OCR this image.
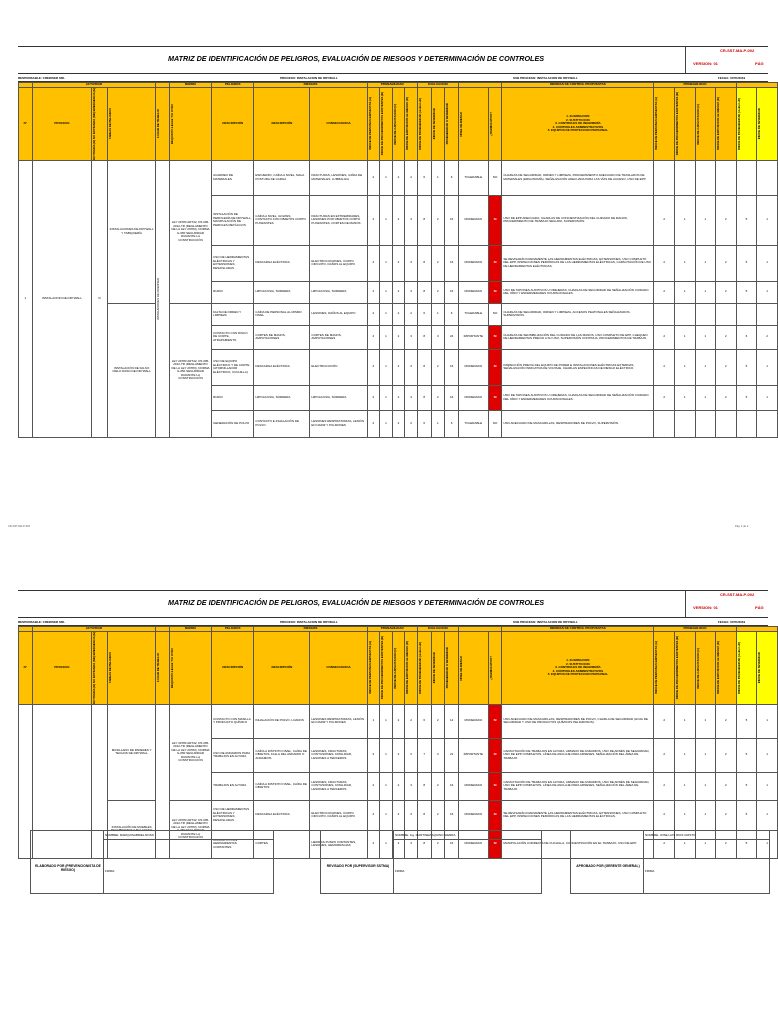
MATRIZ DE IDENTIFICACIÓN DE PELIGROS, EVALUACIÓN DE RIESGOS Y DETERMINACIÓN DE CONTROLES
CR-SST-MA-P-002
VERSION: 01	PÁG
RESPONSABLE: CREDISER SRL	PROCESO: INSTALACION DE DRYWALL	SUB PROCESO: INSTALACION DE DRYWALL	FECHA: 07/01/2019
	ACTIVIDAD				NORMA	PELIGROS	RIESGOS		PROBABILIDAD				EVALUACION					MEDIDAS DE CONTROL PROPUESTAS	PROBABILIDAD					
N°	PROCESO	RUTINARIA (R) NO RUTINARIA (NR) EMERGENCIA (E)	TAREAS DE PELIGROS	LUGAR DE TRABAJO	REQUISITO LEGAL Y/O OTRO	DESCRIPCIÓN	DESCRIPCIÓN	CONSECUENCIA	INDICE DE PERSONAS EXPUESTAS (A)	INDICE DE PROCEDIMIENTOS EXISTENTES (B)	INDICE DE CAPACITACION (C)	INDICE DE EXPOSICION AL RIESGO (D)	INDICE DE PROBABILIDAD (A+B+C+D)	INDICE DE SEVERIDAD	PROBABILIDAD X SEVERIDAD	NIVEL DE RIESGO	¿SIGNIFICATIVO?	1. ELIMINACION
2. SUSTITUCION
3. CONTROLES DE INGENIERÍA
4. CONTROLES ADMINISTRATIVOS
5. EQUIPOS DE PROTECCION PERSONAL	INDICE DE PERSONAS EXPUESTAS (A)	INDICE DE PROCEDIMIENTOS EXISTENTES (B)	INDICE DE CAPACITACION (C)	INDICE DE EXPOSICION AL RIESGO (D)	INDICE DE PROBABILIDAD (A+B+C+D)	INDICE DE SEVERIDAD

1	INSTALACION DE DRYWALL	R	INSTALACIONES DE DRYWALL Y TABIQUERÍA	INSTALACIONES DE CREDISER	LEY 29783 ART42, DS 005-2012-TR (REGLAMENTO DE LA LEY 29783), NORMA G-050 SEGURIDAD DURANTE LA CONSTRUCCIÓN	ACARREO DE MATERIALES	ESFUERZO, CAÍDA A NIVEL, MALA POSTURA DE CARGA	FRACTURAS, LESIONES, CAÍDA DE MATERIALES, LUMBALGIA	2	1	2	2	6	1	6	TOLERABLE	NO	CHARLAS DE SEGURIDAD, ORDEN Y LIMPIEZA, PROCEDIMIENTO ADECUADO DE TRASLADOS DE MATERIALES (ERGONOMÍA), SEÑALIZACIÓN ADECUADA PARA LAS VÍAS DE ACCESO, USO DE EPP.						
						INSTALACIÓN DE PERFILERÍA DE DRYWALL, MANIPULACIÓN DE PERFILES METÁLICOS	CAÍDA A NIVEL, GOLPES, CONTACTO CON OBJETOS CORTO PUNZANTES	FRACTURAS EN EXTREMIDADES, LESIONES POR OBJETOS CORTO PUNZANTES, CORTES DE MANOS	2	1	2	3	8	2	16	MODERADO	SI	USO DE EPP ADECUADO, CHARLAS DE CONCIENTIZACIÓN DEL CUIDADO DE MANOS, PROCEDIMIENTO DE TRABAJO SEGURO, SUPERVISIÓN.	2	1	1	2	5	1
						USO DE HERRAMIENTAS ELÉCTRICAS Y EXTENSIONES DESAISLADAS	DESCARGA ELÉCTRICA	ELECTROCUCIONES, CORTO CIRCUITO, DAÑOS AL EQUIPO	2	1	2	3	8	2	16	MODERADO	SI	SE REVISARÁN DIARIAMENTE LAS HERRAMIENTAS ELÉCTRICAS, EXTENSIONES, USO COMPLETO DEL EPP, INSPECCIONES PERIÓDICAS DE LAS HERRAMIENTAS ELÉCTRICAS, CAPACITACIÓN DE USO DE HERRAMIENTAS ELÉCTRICAS.	2	1	1	2	5	1
						RUIDO	HIPOACUSIA, SORDERA	HIPOACUSIA, SORDERA	2	1	2	3	8	2	16	MODERADO	SI	USO DE TAPONES AUDITIVOS U OREJERAS, CHARLAS DE SEGURIDAD DE SEÑALIZACIÓN CUIDADO DEL OÍDO Y ENFERMEDADES OCUPACIONALES.	2	1	1	2	5	1
			INSTALACIÓN DE FALSO CIELO RASO DE DRYWALL		LEY 29783 ART42, DS 005-2012-TR (REGLAMENTO DE LA LEY 29783), NORMA G-050 SEGURIDAD DURANTE LA CONSTRUCCIÓN	FALTA DE ORDEN Y LIMPIEZA	CAÍDA DE PERSONAL AL MISMO NIVEL	LESIONES, DAÑOS AL EQUIPO	2	1	2	2	6	1	6	TOLERABLE	NO	CHARLAS DE SEGURIDAD, ORDEN Y LIMPIEZA, ACCESOS PEATONALES SEÑALIZADOS, SUPERVISIÓN.						
						CONTACTO CON DISCO DE CORTE, ATRAPAMIENTO	CORTES DE MANOS, AMPUTACIONES	CORTES DE MANOS, AMPUTACIONES	2	1	2	3	8	3	24	IMPORTANTE	SI	CHARLAS DE SENSIBILIZACIÓN DEL CUIDADO DE LAS MANOS, USO COMPLETO DE EPP, CHEQUEO DE HERRAMIENTAS PREVIO A SU USO, SUPERVISIÓN CONTINUA, PROCEDIMIENTOS DE TRABAJO.	2	1	1	2	6	2
						USO DE EQUIPO ELÉCTRICO Y DE CORTE (ATORNILLADOR ELÉCTRICO, CUCHILLA)	DESCARGA ELÉCTRICA	ELECTROCUCIÓN	2	1	2	3	8	2	16	MODERADO	SI	INSPECCIÓN PREVIA DEL EQUIPO DE PODER E INSTALACIONES ELÉCTRICAS EXTERNAS, SEÑALIZACIÓN INDICATIVA DE VOLTAJE, CHARLAS ESPECÍFICAS DE RIESGO ELÉCTRICO.	2	1	1	2	5	1
						RUIDO	HIPOACUSIA, SORDERA	HIPOACUSIA, SORDERA	2	1	2	3	8	2	16	MODERADO	SI	USO DE TAPONES AUDITIVOS U OREJERAS, CHARLAS DE SEGURIDAD DE SEÑALIZACIÓN CUIDADO DEL OÍDO Y ENFERMEDADES OCUPACIONALES.	2	1	1	2	5	1
						GENERACIÓN DE POLVO	CONTACTO E INHALACIÓN DE POLVO	LESIONES RESPIRATORIAS, LESIÓN EN NARIZ Y PULMONES	2	1	2	2	6	1	6	TOLERABLE	NO	USO ADECUADO DE MASCARILLAS, RESPIRADORES DE POLVO, SUPERVISIÓN.						
CR-SST-MA-P-002	Pág. 1 de 2
MATRIZ DE IDENTIFICACIÓN DE PELIGROS, EVALUACIÓN DE RIESGOS Y DETERMINACIÓN DE CONTROLES
CR-SST-MA-P-002
VERSION: 01	PÁG
RESPONSABLE: CREDISER SRL	PROCESO: INSTALACION DE DRYWALL	SUB PROCESO: INSTALACION DE DRYWALL	FECHA: 07/01/2019
	ACTIVIDAD				NORMA	PELIGROS	RIESGOS		PROBABILIDAD				EVALUACION					MEDIDAS DE CONTROL PROPUESTAS	PROBABILIDAD					
N°	PROCESO	RUTINARIA (R) NO RUTINARIA (NR) EMERGENCIA (E)	TAREAS DE PELIGROS	LUGAR DE TRABAJO	REQUISITO LEGAL Y/O OTRO	DESCRIPCIÓN	DESCRIPCIÓN	CONSECUENCIA	INDICE DE PERSONAS EXPUESTAS (A)	INDICE DE PROCEDIMIENTOS EXISTENTES (B)	INDICE DE CAPACITACION (C)	INDICE DE EXPOSICION AL RIESGO (D)	INDICE DE PROBABILIDAD (A+B+C+D)	INDICE DE SEVERIDAD	PROBABILIDAD X SEVERIDAD	NIVEL DE RIESGO	¿SIGNIFICATIVO?	1. ELIMINACION
2. SUSTITUCION
3. CONTROLES DE INGENIERÍA
4. CONTROLES ADMINISTRATIVOS
5. EQUIPOS DE PROTECCION PERSONAL	INDICE DE PERSONAS EXPUESTAS (A)	INDICE DE PROCEDIMIENTOS EXISTENTES (B)	INDICE DE CAPACITACION (C)	INDICE DE EXPOSICION AL RIESGO (D)	INDICE DE PROBABILIDAD (A+B+C+D)	INDICE DE SEVERIDAD

			MASILLADO DE PAREDES Y TECHOS DE DRYWALL		LEY 29783 ART42, DS 005-2012-TR (REGLAMENTO DE LA LEY 29783), NORMA G-050 SEGURIDAD DURANTE LA CONSTRUCCIÓN	CONTACTO CON MASILLA Y PRODUCTO QUÍMICO	INHALACIÓN DE POLVO, LIJADOS	LESIONES RESPIRATORIAS, LESIÓN EN NARIZ Y PULMONES	1	1	2	2	6	2	12	MODERADO	SI	USO ADECUADO DE MASCARILLAS, RESPIRADORES DE POLVO, CHARLA DE SEGURIDAD (HOJA DE SEGURIDAD Y USO DE PRODUCTOS QUÍMICOS PELIGROSOS).	2	1	1	2	5	1
						USO DE ANDAMIOS PARA TRABAJOS EN ALTURA	CAÍDA A DISTINTO NIVEL, CAÍDA DE OBJETOS, FALLA DEL ANDAMIO O ANDAMIOS	LESIONES, FRACTURAS, CONTUSIONES, FATALIDAD, LESIONES A TERCEROS	2	1	2	2	7	3	21	IMPORTANTE	SI	CAPACITACIÓN DE TRABAJOS EN ALTURA, ARMADO DE ANDAMIOS, USO DE ARNÉS DE SEGURIDAD, USO DE EPP COMPLETOS, LÍNEA DE ANCLAJE PARA ARNESES, SEÑALIZACIÓN DEL ÁREA DE TRABAJO.	2	1	1	2	5	1
						TRABAJOS EN ALTURA	CAÍDA A DISTINTO NIVEL, CAÍDA DE OBJETOS	LESIONES, FRACTURAS, CONTUSIONES, FATALIDAD, LESIONES A TERCEROS	2	1	2	3	8	2	16	MODERADO	SI	CAPACITACIÓN DE TRABAJOS EN ALTURA, ARMADO DE ANDAMIOS, USO DE ARNÉS DE SEGURIDAD, USO DE EPP COMPLETOS, LÍNEA DE ANCLAJE PARA ARNESES, SEÑALIZACIÓN DEL ÁREA DE TRABAJO.	2	1	1	2	5	1
			INSTALACIÓN DE MUEBLES RECUBIERTOS Y BALCONES		LEY 29783 ART42, DS 005-2012-TR (REGLAMENTO DE LA LEY 29783), NORMA G-050 SEGURIDAD DURANTE LA CONSTRUCCIÓN	USO DE HERRAMIENTAS ELÉCTRICAS Y EXTENSIONES DESAISLADAS	DESCARGA ELÉCTRICA	ELECTROCUCIONES, CORTO CIRCUITO, DAÑOS AL EQUIPO	2	1	2	3	8	2	16	MODERADO	SI	SE REVISARÁN DIARIAMENTE LAS HERRAMIENTAS ELÉCTRICAS, EXTENSIONES, USO COMPLETO DEL EPP, INSPECCIONES PERIÓDICAS DE LAS HERRAMIENTAS ELÉCTRICAS.	2	1	1	2	5	1
						CONTACTO CON HERRAMIENTAS CORTANTES	CORTES	HERIDAS PUNZO CORTANTES, LESIONES, HEMORRAGIAS	2	1	2	3	8	2	16	MODERADO	SI	MANIPULACIÓN CORRECTA DE CUCHILLA, CONCENTRACIÓN EN EL TRABAJO, USO DE EPP.	2	1	1	2	5	1
NOMBRE: MARQUISABRIEL ROSO
ELABORADO POR (PREVENCIONISTA DE RIESGO)	FIRMA
NOMBRE: Ing. MARTINEZ AQUINO SIERRA
REVISADO POR (SUPERVISOR SSTMA)
FIRMA
NOMBRE: JOSE LUIS RIOS CRISTO
APROBADO POR (GERENTE GENERAL)
FIRMA
